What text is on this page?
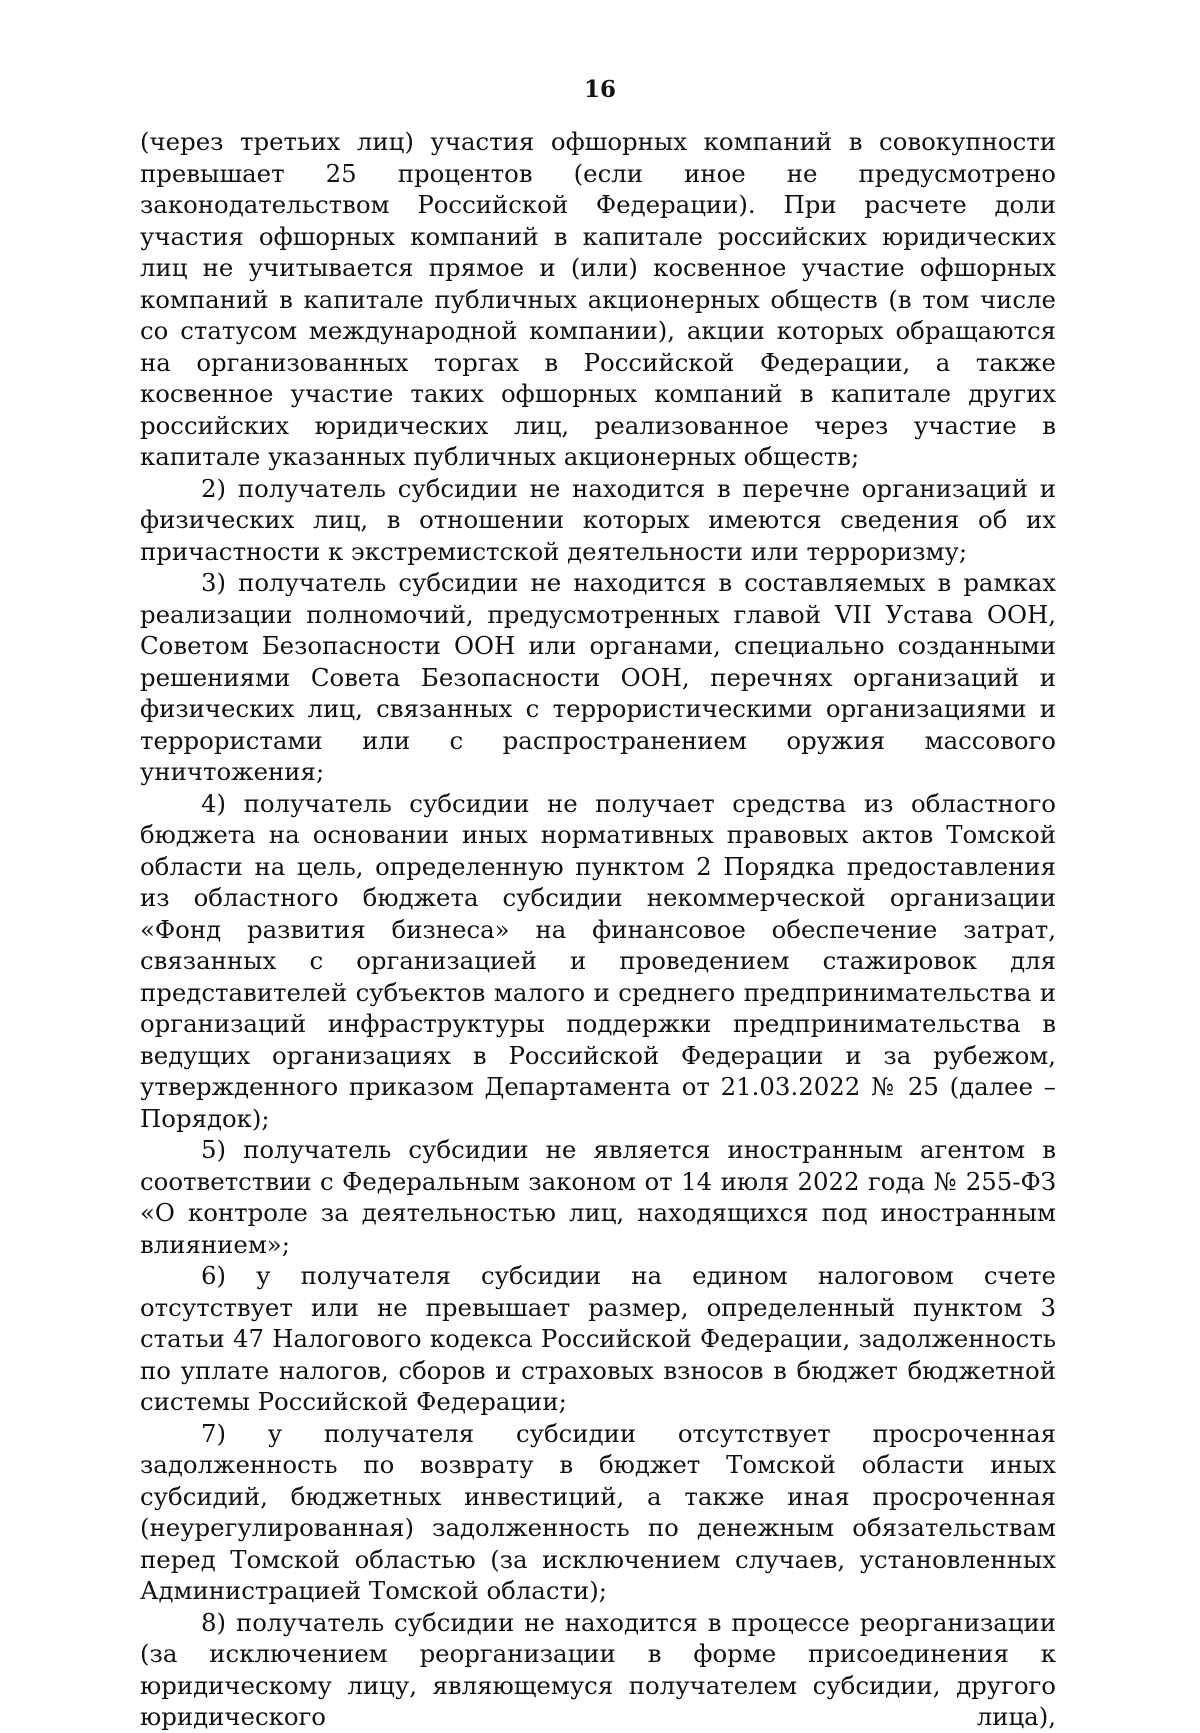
16

(через третьих лиц) участия офшорных компаний в совокупности превышает 25 процентов (если иное не предусмотрено законодательством Российской Федерации). При расчете доли участия офшорных компаний в капитале российских юридических лиц не учитывается прямое и (или) косвенное участие офшорных компаний в капитале публичных акционерных обществ (в том числе со статусом международной компании), акции которых обращаются на организованных торгах в Российской Федерации, а также косвенное участие таких офшорных компаний в капитале других российских юридических лиц, реализованное через участие в капитале указанных публичных акционерных обществ;

2) получатель субсидии не находится в перечне организаций и физических лиц, в отношении которых имеются сведения об их причастности к экстремистской деятельности или терроризму;

3) получатель субсидии не находится в составляемых в рамках реализации полномочий, предусмотренных главой VII Устава ООН, Советом Безопасности ООН или органами, специально созданными решениями Совета Безопасности ООН, перечнях организаций и физических лиц, связанных с террористическими организациями и террористами или с распространением оружия массового уничтожения;

4) получатель субсидии не получает средства из областного бюджета на основании иных нормативных правовых актов Томской области на цель, определенную пунктом 2 Порядка предоставления из областного бюджета субсидии некоммерческой организации «Фонд развития бизнеса» на финансовое обеспечение затрат, связанных с организацией и проведением стажировок для представителей субъектов малого и среднего предпринимательства и организаций инфраструктуры поддержки предпринимательства в ведущих организациях в Российской Федерации и за рубежом, утвержденного приказом Департамента от 21.03.2022 № 25 (далее – Порядок);

5) получатель субсидии не является иностранным агентом в соответствии с Федеральным законом от 14 июля 2022 года № 255-ФЗ «О контроле за деятельностью лиц, находящихся под иностранным влиянием»;

6) у получателя субсидии на едином налоговом счете отсутствует или не превышает размер, определенный пунктом 3 статьи 47 Налогового кодекса Российской Федерации, задолженность по уплате налогов, сборов и страховых взносов в бюджет бюджетной системы Российской Федерации;

7) у получателя субсидии отсутствует просроченная задолженность по возврату в бюджет Томской области иных субсидий, бюджетных инвестиций, а также иная просроченная (неурегулированная) задолженность по денежным обязательствам перед Томской областью (за исключением случаев, установленных Администрацией Томской области);

8) получатель субсидии не находится в процессе реорганизации (за исключением реорганизации в форме присоединения к юридическому лицу, являющемуся получателем субсидии, другого юридического лица),
